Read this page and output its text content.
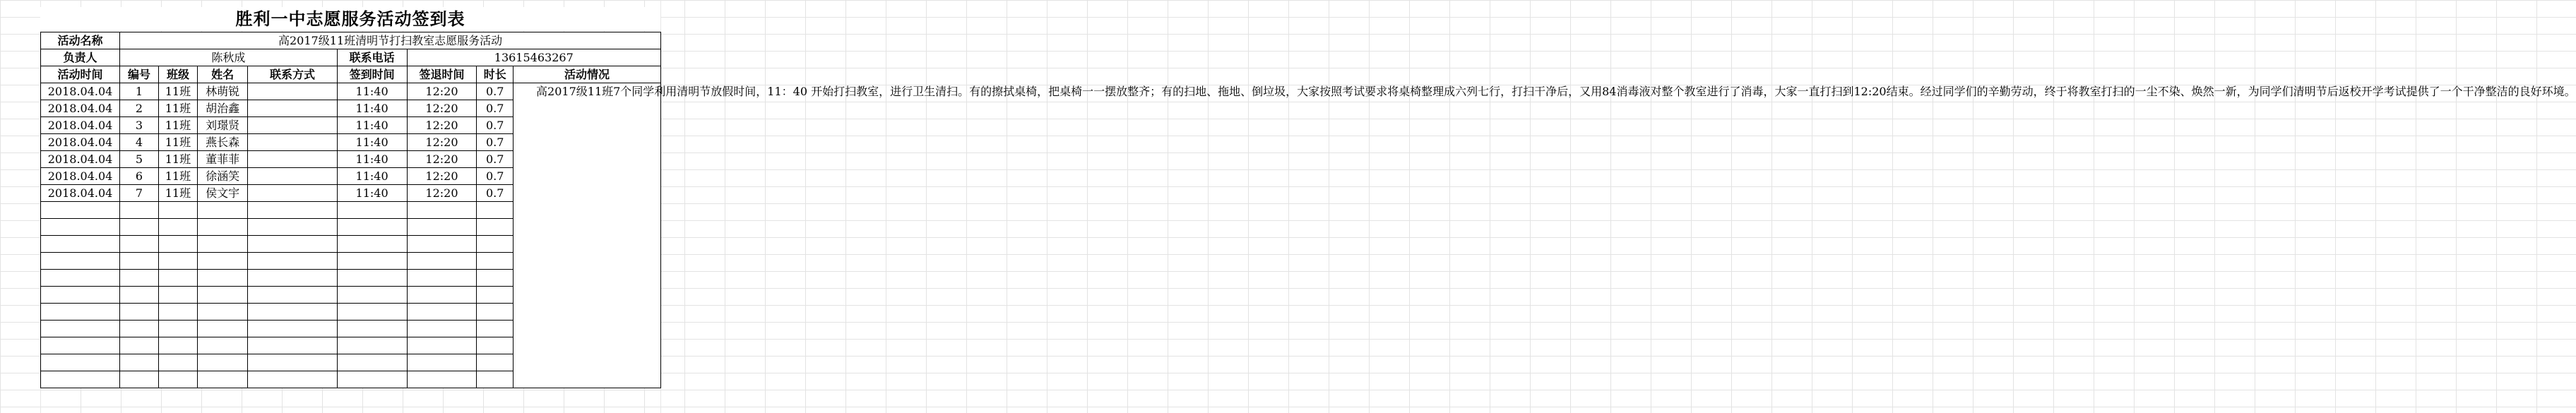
胜利一中志愿服务活动签到表
活动名称	高2017级11班清明节打扫教室志愿服务活动							
负责人	陈秋成				联系电话	13615463267		
活动时间	编号	班级	姓名	联系方式	签到时间	签退时间	时长	活动情况
2018.04.04	1	11班	林萌锐		11:40	12:20	0.7	高2017级11班7个同学利用清明节放假时间，11：40 开始打扫教室，进行卫生清扫。有的擦拭桌椅，把桌椅一一摆放整齐；有的扫地、拖地、倒垃圾，大家按照考试要求将桌椅整理成六列七行，打扫干净后，又用84消毒液对整个教室进行了消毒，大家一直打扫到12:20结束。经过同学们的辛勤劳动，终于将教室打扫的一尘不染、焕然一新，为同学们清明节后返校开学考试提供了一个干净整洁的良好环境。

2018.04.04	2	11班	胡治鑫		11:40	12:20	0.7	
2018.04.04	3	11班	刘璟贤		11:40	12:20	0.7	
2018.04.04	4	11班	燕长森		11:40	12:20	0.7	
2018.04.04	5	11班	董菲菲		11:40	12:20	0.7	
2018.04.04	6	11班	徐涵笑		11:40	12:20	0.7	
2018.04.04	7	11班	侯文宇		11:40	12:20	0.7	
